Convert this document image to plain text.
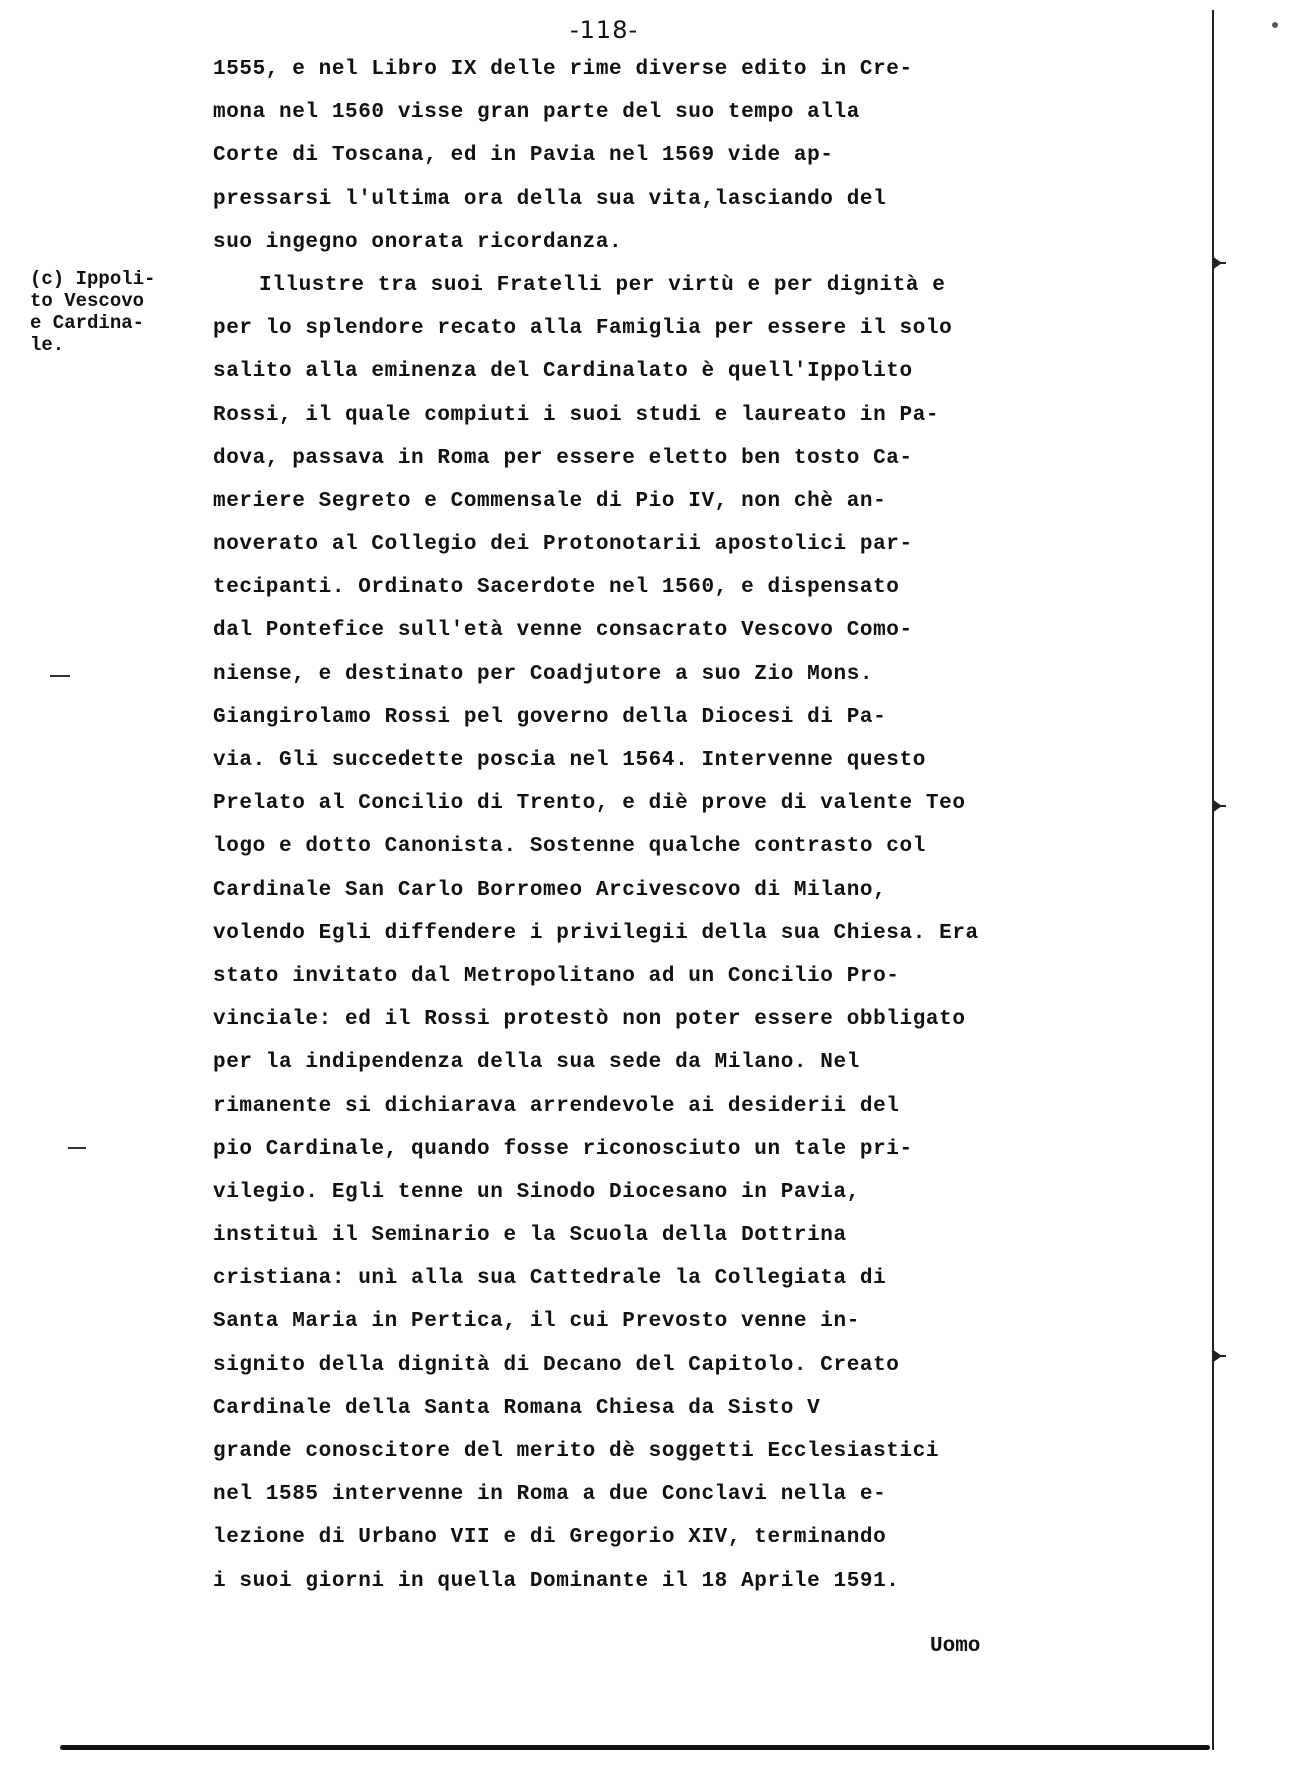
-118-
(c) Ippoli-
to Vescovo
e Cardina-
le.
1555, e nel Libro IX delle rime diverse edito in Cre-
mona nel 1560 visse gran parte del suo tempo alla
Corte di Toscana, ed in Pavia nel 1569 vide ap-
pressarsi l'ultima ora della sua vita,lasciando del
suo ingegno onorata ricordanza.
Illustre tra suoi Fratelli per virtù e per dignità e
per lo splendore recato alla Famiglia per essere il solo
salito alla eminenza del Cardinalato è quell'Ippolito
Rossi, il quale compiuti i suoi studi e laureato in Pa-
dova, passava in Roma per essere eletto ben tosto Ca-
meriere Segreto e Commensale di Pio IV, non chè an-
noverato al Collegio dei Protonotarii apostolici par-
tecipanti. Ordinato Sacerdote nel 1560, e dispensato
dal Pontefice sull'età venne consacrato Vescovo Como-
niense, e destinato per Coadjutore a suo Zio Mons.
Giangirolamo Rossi pel governo della Diocesi di Pa-
via. Gli succedette poscia nel 1564. Intervenne questo
Prelato al Concilio di Trento, e diè prove di valente Teo
logo e dotto Canonista. Sostenne qualche contrasto col
Cardinale San Carlo Borromeo Arcivescovo di Milano,
volendo Egli diffendere i privilegii della sua Chiesa. Era
stato invitato dal Metropolitano ad un Concilio Pro-
vinciale: ed il Rossi protestò non poter essere obbligato
per la indipendenza della sua sede da Milano. Nel
rimanente si dichiarava arrendevole ai desiderii del
pio Cardinale, quando fosse riconosciuto un tale pri-
vilegio. Egli tenne un Sinodo Diocesano in Pavia,
instituì il Seminario e la Scuola della Dottrina
cristiana: unì alla sua Cattedrale la Collegiata di
Santa Maria in Pertica, il cui Prevosto venne in-
signito della dignità di Decano del Capitolo. Creato
Cardinale della Santa Romana Chiesa da Sisto V
grande conoscitore del merito dè soggetti Ecclesiastici
nel 1585 intervenne in Roma a due Conclavi nella e-
lezione di Urbano VII e di Gregorio XIV, terminando
i suoi giorni in quella Dominante il 18 Aprile 1591.
Uomo
